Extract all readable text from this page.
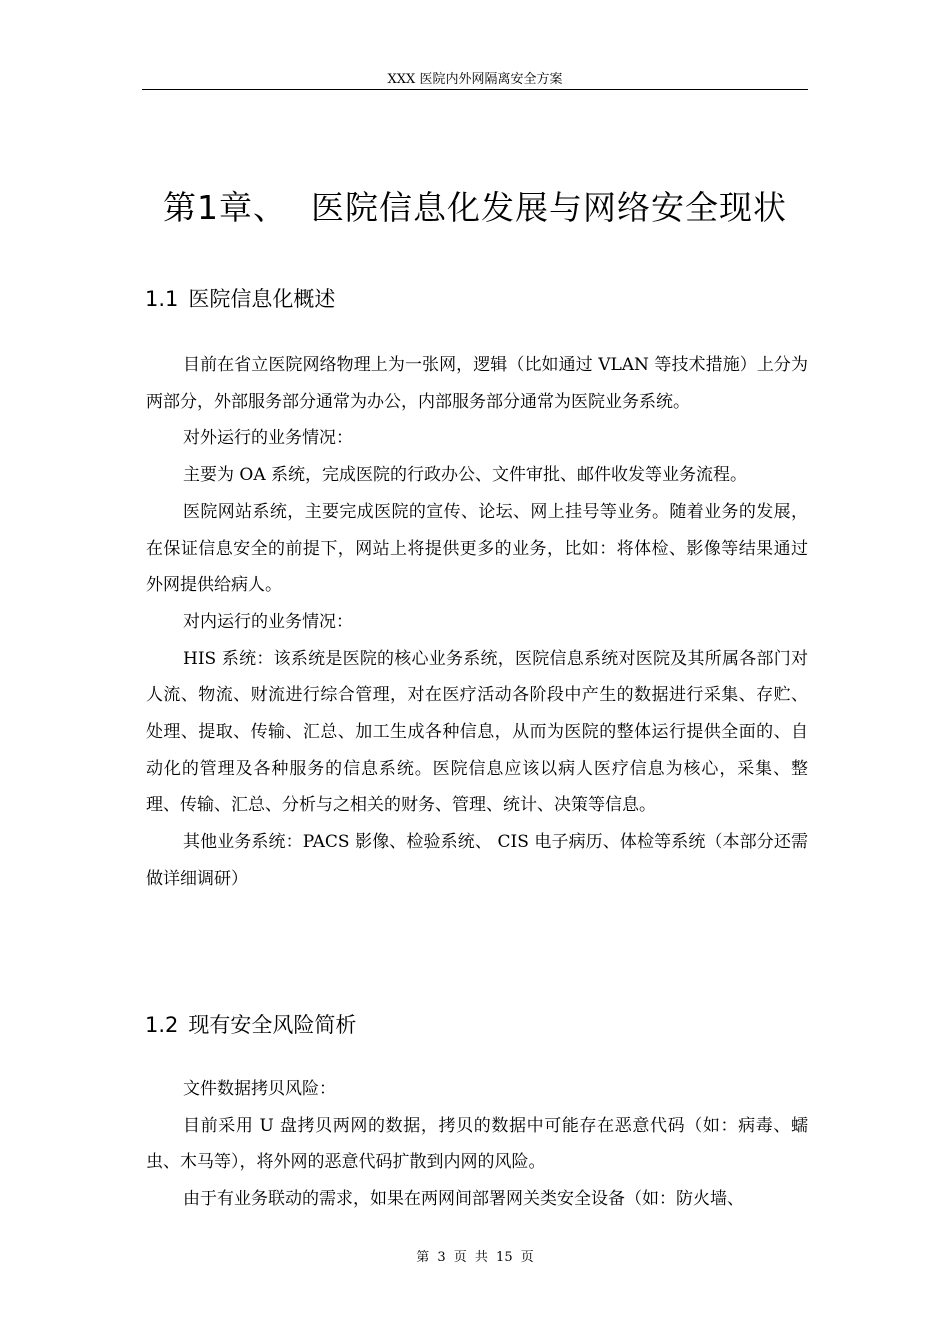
XXX 医院内外网隔离安全方案
第1章、 医院信息化发展与网络安全现状
1.1 医院信息化概述

目前在省立医院网络物理上为一张网，逻辑（比如通过 VLAN 等技术措施）上分为两部分，外部服务部分通常为办公，内部服务部分通常为医院业务系统。

对外运行的业务情况：

主要为 OA 系统，完成医院的行政办公、文件审批、邮件收发等业务流程。

医院网站系统，主要完成医院的宣传、论坛、网上挂号等业务。随着业务的发展，在保证信息安全的前提下，网站上将提供更多的业务，比如：将体检、影像等结果通过外网提供给病人。

对内运行的业务情况：

HIS 系统：该系统是医院的核心业务系统，医院信息系统对医院及其所属各部门对人流、物流、财流进行综合管理，对在医疗活动各阶段中产生的数据进行采集、存贮、处理、提取、传输、汇总、加工生成各种信息，从而为医院的整体运行提供全面的、自动化的管理及各种服务的信息系统。医院信息应该以病人医疗信息为核心，采集、整理、传输、汇总、分析与之相关的财务、管理、统计、决策等信息。

其他业务系统：PACS 影像、检验系统、 CIS 电子病历、体检等系统（本部分还需做详细调研）

1.2 现有安全风险简析

文件数据拷贝风险：

目前采用 U 盘拷贝两网的数据，拷贝的数据中可能存在恶意代码（如：病毒、蠕虫、木马等），将外网的恶意代码扩散到内网的风险。

由于有业务联动的需求，如果在两网间部署网关类安全设备（如：防火墙、

第 3 页 共 15 页
